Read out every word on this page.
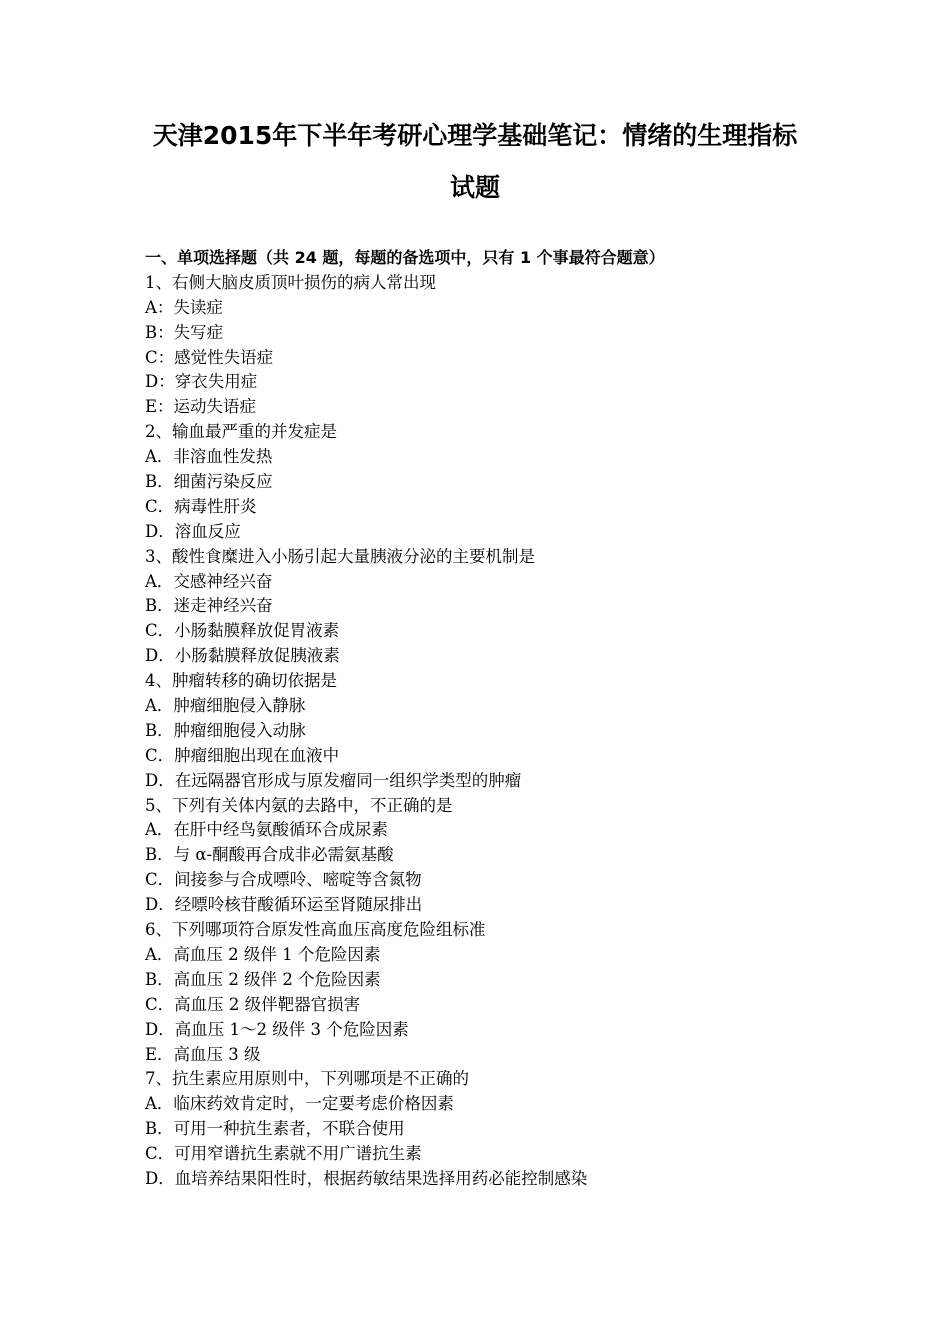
天津2015年下半年考研心理学基础笔记：情绪的生理指标
试题
一、单项选择题（共 24 题，每题的备选项中，只有 1 个事最符合题意）
1、右侧大脑皮质顶叶损伤的病人常出现
A：失读症
B：失写症
C：感觉性失语症
D：穿衣失用症
E：运动失语症
2、输血最严重的并发症是
A．非溶血性发热
B．细菌污染反应
C．病毒性肝炎
D．溶血反应
3、酸性食糜进入小肠引起大量胰液分泌的主要机制是
A．交感神经兴奋
B．迷走神经兴奋
C．小肠黏膜释放促胃液素
D．小肠黏膜释放促胰液素
4、肿瘤转移的确切依据是
A．肿瘤细胞侵入静脉
B．肿瘤细胞侵入动脉
C．肿瘤细胞出现在血液中
D．在远隔器官形成与原发瘤同一组织学类型的肿瘤
5、下列有关体内氨的去路中，不正确的是
A．在肝中经鸟氨酸循环合成尿素
B．与 α-酮酸再合成非必需氨基酸
C．间接参与合成嘌呤、嘧啶等含氮物
D．经嘌呤核苷酸循环运至肾随尿排出
6、下列哪项符合原发性高血压高度危险组标准
A．高血压 2 级伴 1 个危险因素
B．高血压 2 级伴 2 个危险因素
C．高血压 2 级伴靶器官损害
D．高血压 1～2 级伴 3 个危险因素
E．高血压 3 级
7、抗生素应用原则中，下列哪项是不正确的
A．临床药效肯定时，一定要考虑价格因素
B．可用一种抗生素者，不联合使用
C．可用窄谱抗生素就不用广谱抗生素
D．血培养结果阳性时，根据药敏结果选择用药必能控制感染
